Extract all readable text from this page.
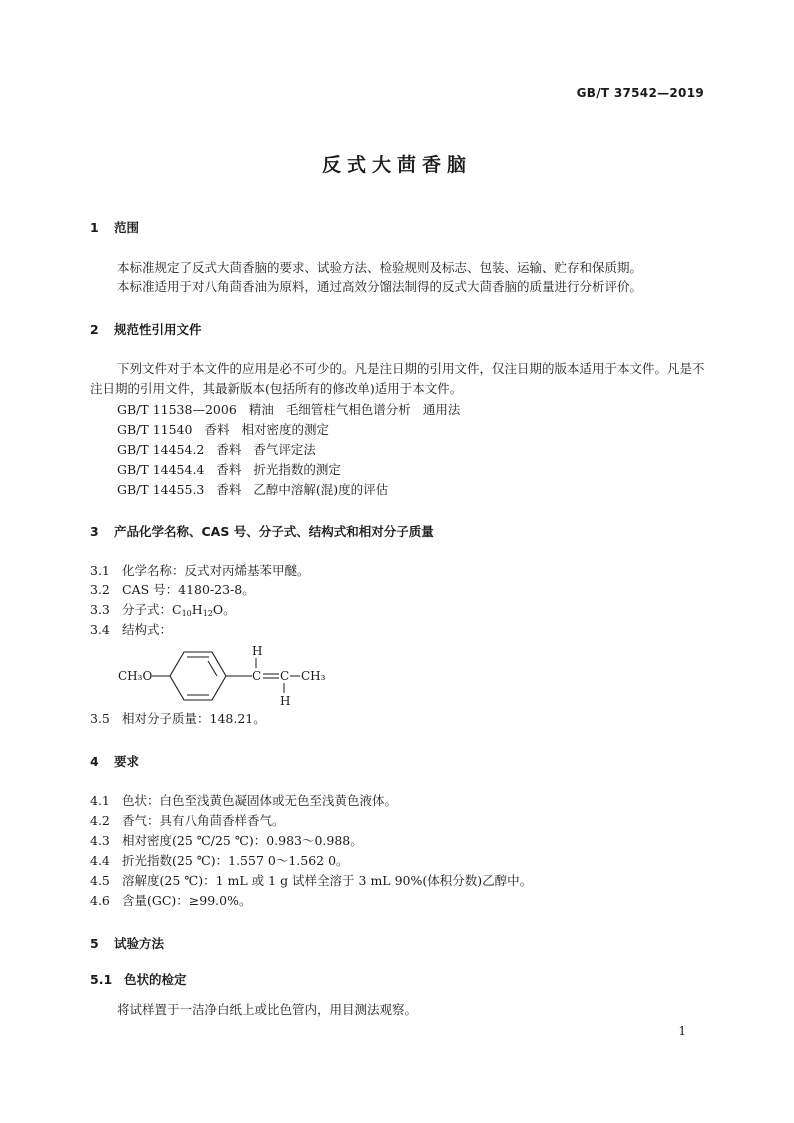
GB/T 37542—2019
反式大茴香脑
1 范围
本标准规定了反式大茴香脑的要求、试验方法、检验规则及标志、包装、运输、贮存和保质期。
本标准适用于对八角茴香油为原料，通过高效分馏法制得的反式大茴香脑的质量进行分析评价。
2 规范性引用文件
下列文件对于本文件的应用是必不可少的。凡是注日期的引用文件，仅注日期的版本适用于本文件。凡是不注日期的引用文件，其最新版本(包括所有的修改单)适用于本文件。
GB/T 11538—2006 精油 毛细管柱气相色谱分析 通用法
GB/T 11540 香料 相对密度的测定
GB/T 14454.2 香料 香气评定法
GB/T 14454.4 香料 折光指数的测定
GB/T 14455.3 香料 乙醇中溶解(混)度的评估
3 产品化学名称、CAS 号、分子式、结构式和相对分子质量
3.1 化学名称：反式对丙烯基苯甲醚。
3.2 CAS 号：4180-23-8。
3.3 分子式：$C_{10}H_{12}O$。
3.4 结构式：
CH₃O	C
H
C
H
CH₃
3.5 相对分子质量：148.21。
4 要求
4.1 色状：白色至浅黄色凝固体或无色至浅黄色液体。
4.2 香气：具有八角茴香样香气。
4.3 相对密度(25 ℃/25 ℃)：0.983～0.988。
4.4 折光指数(25 ℃)：1.557 0～1.562 0。
4.5 溶解度(25 ℃)：1 mL 或 1 g 试样全溶于 3 mL 90%(体积分数)乙醇中。
4.6 含量(GC)：≥99.0%。
5 试验方法
5.1 色状的检定
将试样置于一洁净白纸上或比色管内，用目测法观察。
1
